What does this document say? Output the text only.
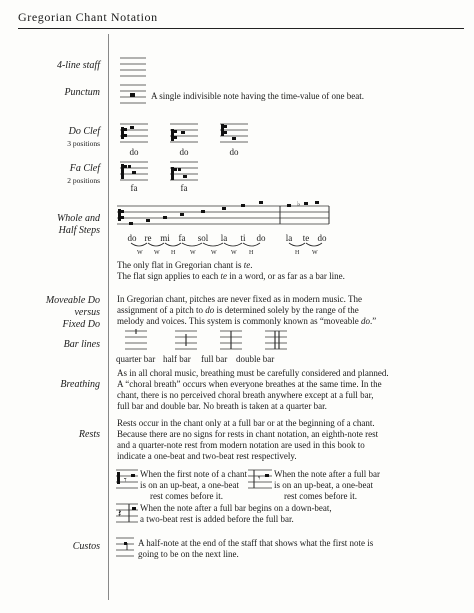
Gregorian Chant Notation
4-line staff
Punctum	A single indivisible note having the time-value of one beat.
Do Clef
3 positions
do	do	do
Fa Clef
2 positions
fa	fa
Whole and
Half Steps
♭
do re mi fa	sol	la	ti	do	la	te do
W W H W	W W H	H W
The only flat in Gregorian chant is te.
The flat sign applies to each te in a word, or as far as a bar line.
Moveable Do
versus
Fixed Do
In Gregorian chant, pitches are never fixed as in modern music. The
assignment of a pitch to do is determined solely by the range of the
melody and voices. This system is commonly known as “moveable do.”
Bar lines
quarter bar half bar full bar double bar
Breathing
As in all choral music, breathing must be carefully considered and planned.
A “choral breath” occurs when everyone breathes at the same time. In the
chant, there is no perceived choral breath anywhere except at a full bar,
full bar and double bar. No breath is taken at a quarter bar.
Rests
Rests occur in the chant only at a full bar or at the beginning of a chant.
Because there are no signs for rests in chant notation, an eighth-note rest
and a quarter-note rest from modern notation are used in this book to
indicate a one-beat and two-beat rest respectively.
𝄾
When the first note of a chant
is on an up-beat, a one-beat
rest comes before it.
𝄾 When the note after a full bar
is on an up-beat, a one-beat
rest comes before it.
𝄽 When the note after a full bar begins on a down-beat,
a two-beat rest is added before the full bar.
Custos	A half-note at the end of the staff that shows what the first note is
going to be on the next line.
